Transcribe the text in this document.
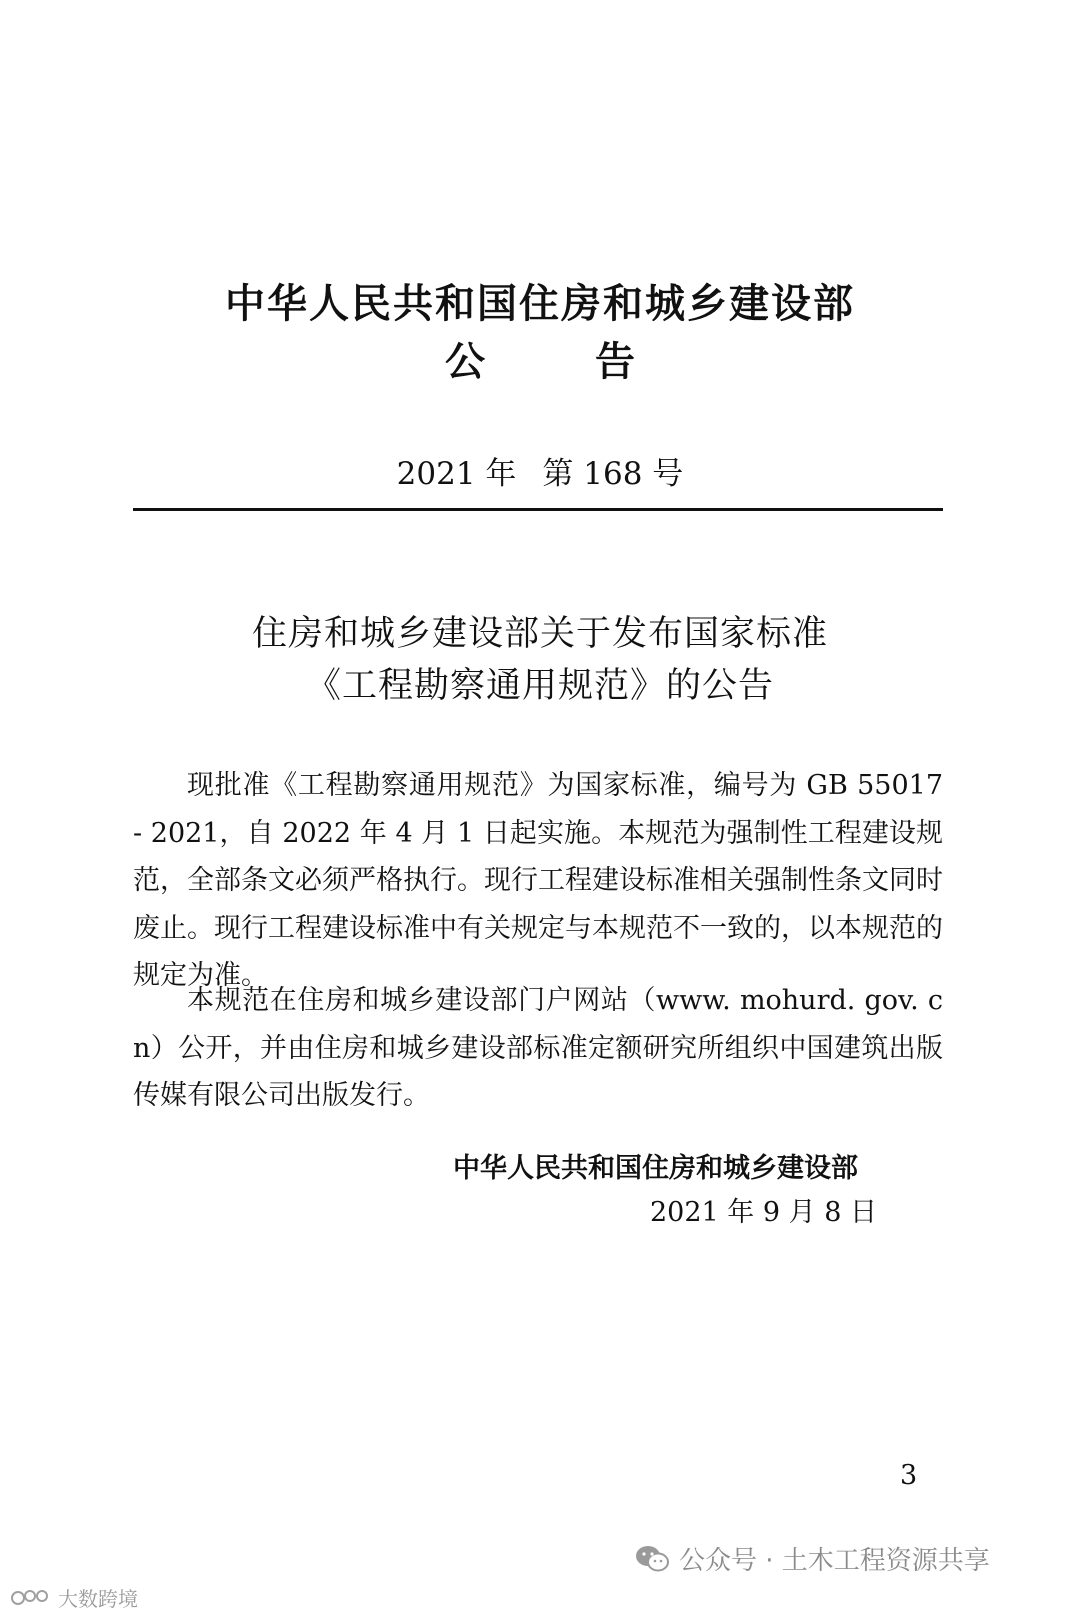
中华人民共和国住房和城乡建设部
公	告
2021 年 第 168 号
住房和城乡建设部关于发布国家标准
《工程勘察通用规范》的公告

现批准《工程勘察通用规范》为国家标准，编号为 GB 55017 - 2021，自 2022 年 4 月 1 日起实施。本规范为强制性工程建设规范，全部条文必须严格执行。现行工程建设标准相关强制性条文同时废止。现行工程建设标准中有关规定与本规范不一致的，以本规范的规定为准。

本规范在住房和城乡建设部门户网站（www. mohurd. gov. cn）公开，并由住房和城乡建设部标准定额研究所组织中国建筑出版传媒有限公司出版发行。

中华人民共和国住房和城乡建设部
2021 年 9 月 8 日
3
公众号 · 土木工程资源共享
大数跨境
